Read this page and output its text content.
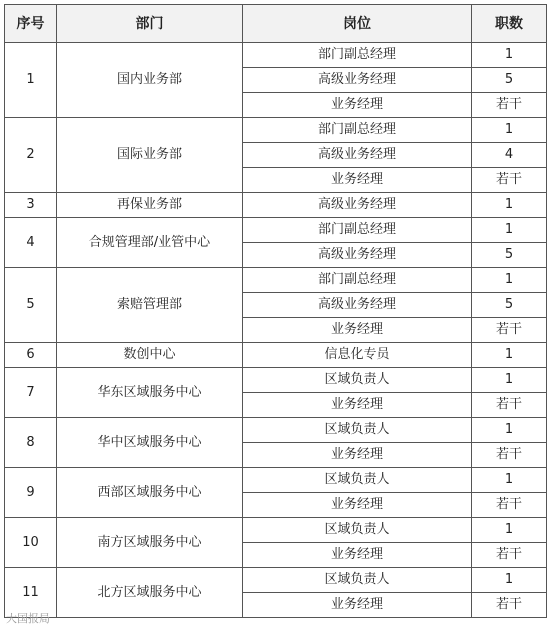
序号	部门	岗位	职数
1	国内业务部	部门副总经理	1
		高级业务经理	5
		业务经理	若干
2	国际业务部	部门副总经理	1
		高级业务经理	4
		业务经理	若干
3	再保业务部	高级业务经理	1
4	合规管理部/业管中心	部门副总经理	1
		高级业务经理	5
5	索赔管理部	部门副总经理	1
		高级业务经理	5
		业务经理	若干
6	数创中心	信息化专员	1
7	华东区域服务中心	区域负责人	1
		业务经理	若干
8	华中区域服务中心	区域负责人	1
		业务经理	若干
9	西部区域服务中心	区域负责人	1
		业务经理	若干
10	南方区域服务中心	区域负责人	1
		业务经理	若干
11	北方区域服务中心	区域负责人	1
		业务经理	若干
大国报局
